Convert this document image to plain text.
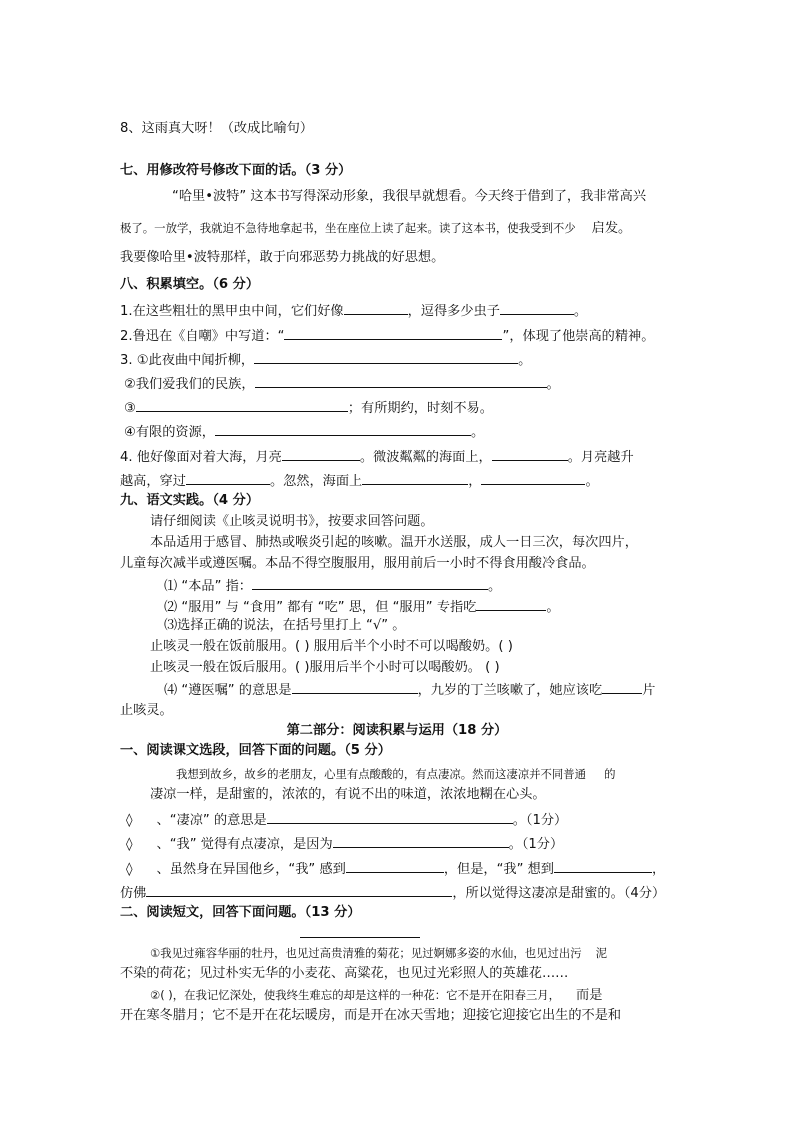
8、这雨真大呀！（改成比喻句）
七、用修改符号修改下面的话。（3 分）
“哈里•波特” 这本书写得深动形象，我很早就想看。今天终于借到了，我非常高兴
极了。一放学，我就迫不急待地拿起书，坐在座位上读了起来。读了这本书，使我受到不少 启发。
我要像哈里•波特那样，敢于向邪恶势力挑战的好思想。
八、积累填空。（6 分）
1.在这些粗壮的黑甲虫中间，它们好像	，逗得多少虫子	。
2.鲁迅在《自嘲》中写道：“	”，体现了他崇高的精神。
3. ①此夜曲中闻折柳，	。
②我们爱我们的民族，	。
③	；有所期约，时刻不易。
④有限的资源，	。
4. 他好像面对着大海，月亮	。微波粼粼的海面上，	。月亮越升
越高，穿过	。忽然，海面上	，	。
九、语文实践。（4 分）
请仔细阅读《止咳灵说明书》，按要求回答问题。
本品适用于感冒、肺热或喉炎引起的咳嗽。温开水送服，成人一日三次，每次四片，
儿童每次减半或遵医嘱。本品不得空腹服用，服用前后一小时不得食用酸冷食品。
⑴ “本品” 指：	。
⑵ “服用” 与 “食用” 都有 “吃” 思，但 “服用” 专指吃	。
⑶选择正确的说法，在括号里打上 “√” 。
止咳灵一般在饭前服用。( ) 服用后半个小时不可以喝酸奶。( )
止咳灵一般在饭后服用。( )服用后半个小时可以喝酸奶。 ( )
⑷ “遵医嘱” 的意思是	，九岁的丁兰咳嗽了，她应该吃	片
止咳灵。
第二部分：阅读积累与运用（18 分）
一、阅读课文选段，回答下面的问题。（5 分）
我想到故乡，故乡的老朋友，心里有点酸酸的，有点凄凉。然而这凄凉并不同普通 的
凄凉一样，是甜蜜的，浓浓的，有说不出的味道，浓浓地糊在心头。
◊ 、“凄凉” 的意思是	。（1分）
◊ 、“我” 觉得有点凄凉，是因为	。（1分）
◊ 、虽然身在异国他乡，“我” 感到	，但是，“我” 想到	，
仿佛	，所以觉得这凄凉是甜蜜的。（4分）
二、阅读短文，回答下面问题。（13 分）
①我见过雍容华丽的牡丹，也见过高贵清雅的菊花；见过婀娜多姿的水仙，也见过出污 泥
不染的荷花；见过朴实无华的小麦花、高粱花，也见过光彩照人的英雄花……
②( )，在我记忆深处，使我终生难忘的却是这样的一种花：它不是开在阳春三月， 而是
开在寒冬腊月；它不是开在花坛暖房，而是开在冰天雪地；迎接它迎接它出生的不是和
